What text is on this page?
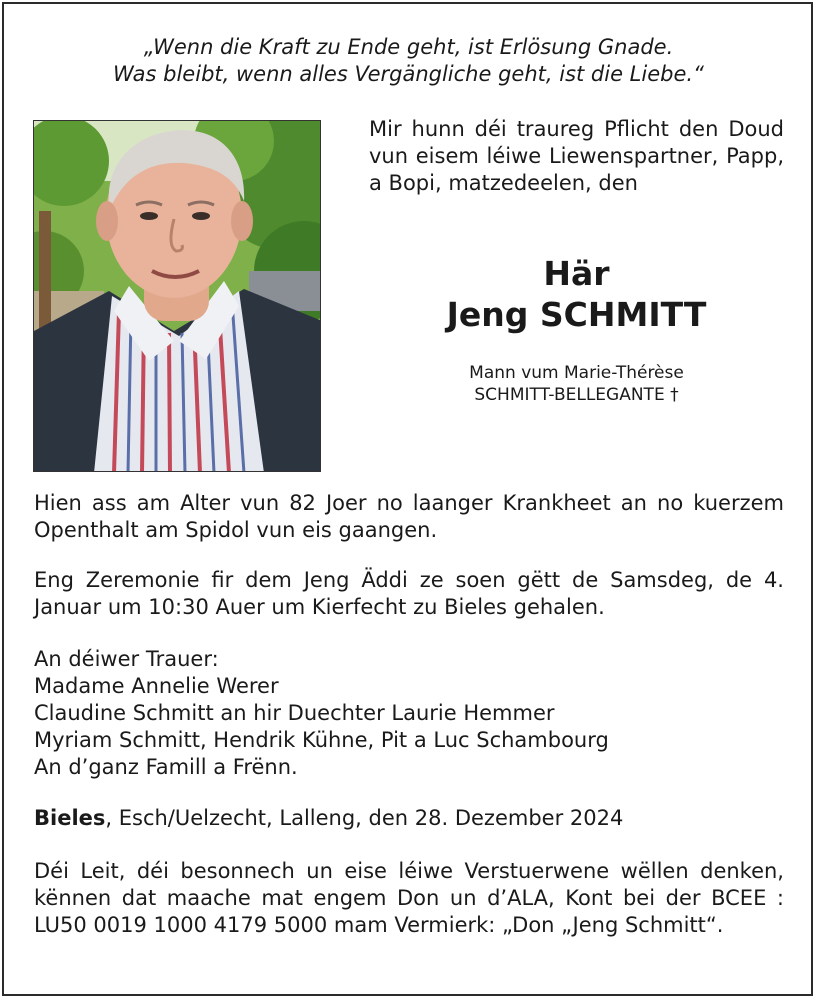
„Wenn die Kraft zu Ende geht, ist Erlösung Gnade.
Was bleibt, wenn alles Vergängliche geht, ist die Liebe.“

Mir hunn déi traureg Pflicht den Doud vun eisem léiwe Liewenspartner, Papp, a Bopi, matzedeelen, den

Här

Jeng SCHMITT

Mann vum Marie-Thérèse
SCHMITT-BELLEGANTE †

Hien ass am Alter vun 82 Joer no laanger Krankheet an no kuerzem Openthalt am Spidol vun eis gaangen.

Eng Zeremonie fir dem Jeng Äddi ze soen gëtt de Samsdeg, de 4. Januar um 10:30 Auer um Kierfecht zu Bieles gehalen.

An déiwer Trauer:
Madame Annelie Werer
Claudine Schmitt an hir Duechter Laurie Hemmer
Myriam Schmitt, Hendrik Kühne, Pit a Luc Schambourg
An d’ganz Famill a Frënn.

Bieles, Esch/Uelzecht, Lalleng, den 28. Dezember 2024

Déi Leit, déi besonnech un eise léiwe Verstuerwene wëllen denken, kënnen dat maache mat engem Don un d’ALA, Kont bei der BCEE : LU50 0019 1000 4179 5000 mam Vermierk: „Don „Jeng Schmitt“.
